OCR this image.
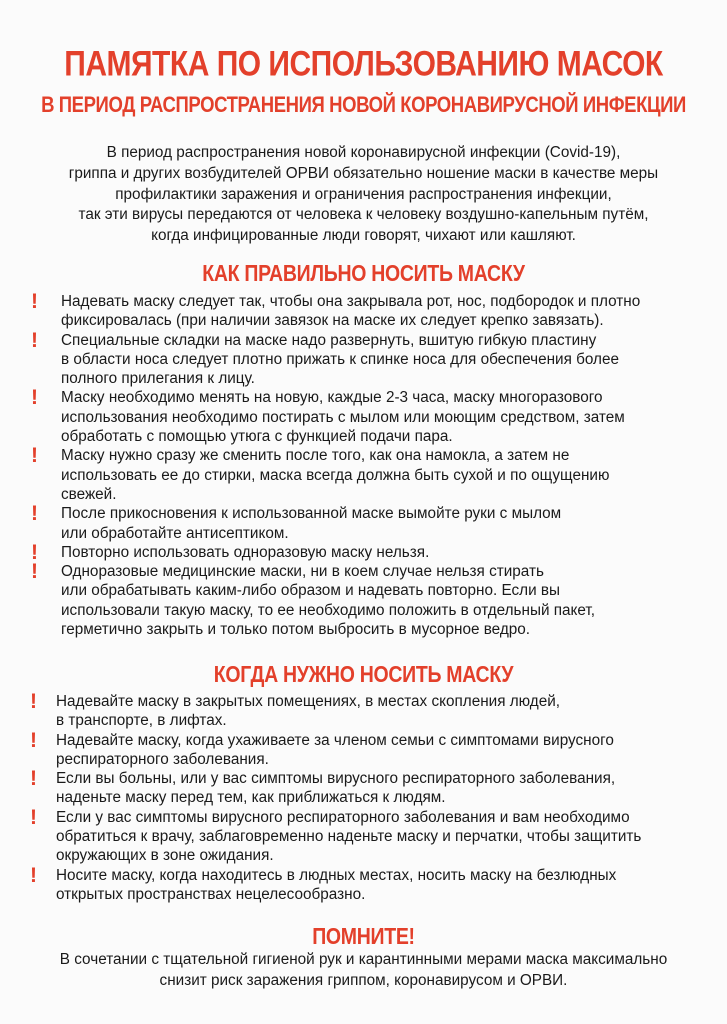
ПАМЯТКА ПО ИСПОЛЬЗОВАНИЮ МАСОК
В ПЕРИОД РАСПРОСТРАНЕНИЯ НОВОЙ КОРОНАВИРУСНОЙ ИНФЕКЦИИ
В период распространения новой коронавирусной инфекции (Covid-19),
гриппа и других возбудителей ОРВИ обязательно ношение маски в качестве меры
профилактики заражения и ограничения распространения инфекции,
так эти вирусы передаются от человека к человеку воздушно-капельным путём,
когда инфицированные люди говорят, чихают или кашляют.
КАК ПРАВИЛЬНО НОСИТЬ МАСКУ
! Надевать маску следует так, чтобы она закрывала рот, нос, подбородок и плотно
фиксировалась (при наличии завязок на маске их следует крепко завязать).
! Специальные складки на маске надо развернуть, вшитую гибкую пластину
в области носа следует плотно прижать к спинке носа для обеспечения более
полного прилегания к лицу.
! Маску необходимо менять на новую, каждые 2-3 часа, маску многоразового
использования необходимо постирать с мылом или моющим средством, затем
обработать с помощью утюга с функцией подачи пара.
! Маску нужно сразу же сменить после того, как она намокла, а затем не
использовать ее до стирки, маска всегда должна быть сухой и по ощущению
свежей.
! После прикосновения к использованной маске вымойте руки с мылом
или обработайте антисептиком.
! Повторно использовать одноразовую маску нельзя.
! Одноразовые медицинские маски, ни в коем случае нельзя стирать
или обрабатывать каким-либо образом и надевать повторно. Если вы
использовали такую маску, то ее необходимо положить в отдельный пакет,
герметично закрыть и только потом выбросить в мусорное ведро.
КОГДА НУЖНО НОСИТЬ МАСКУ
! Надевайте маску в закрытых помещениях, в местах скопления людей,
в транспорте, в лифтах.
! Надевайте маску, когда ухаживаете за членом семьи с симптомами вирусного
респираторного заболевания.
! Если вы больны, или у вас симптомы вирусного респираторного заболевания,
наденьте маску перед тем, как приближаться к людям.
! Если у вас симптомы вирусного респираторного заболевания и вам необходимо
обратиться к врачу, заблаговременно наденьте маску и перчатки, чтобы защитить
окружающих в зоне ожидания.
! Носите маску, когда находитесь в людных местах, носить маску на безлюдных
открытых пространствах нецелесообразно.
ПОМНИТЕ!
В сочетании с тщательной гигиеной рук и карантинными мерами маска максимально
снизит риск заражения гриппом, коронавирусом и ОРВИ.
